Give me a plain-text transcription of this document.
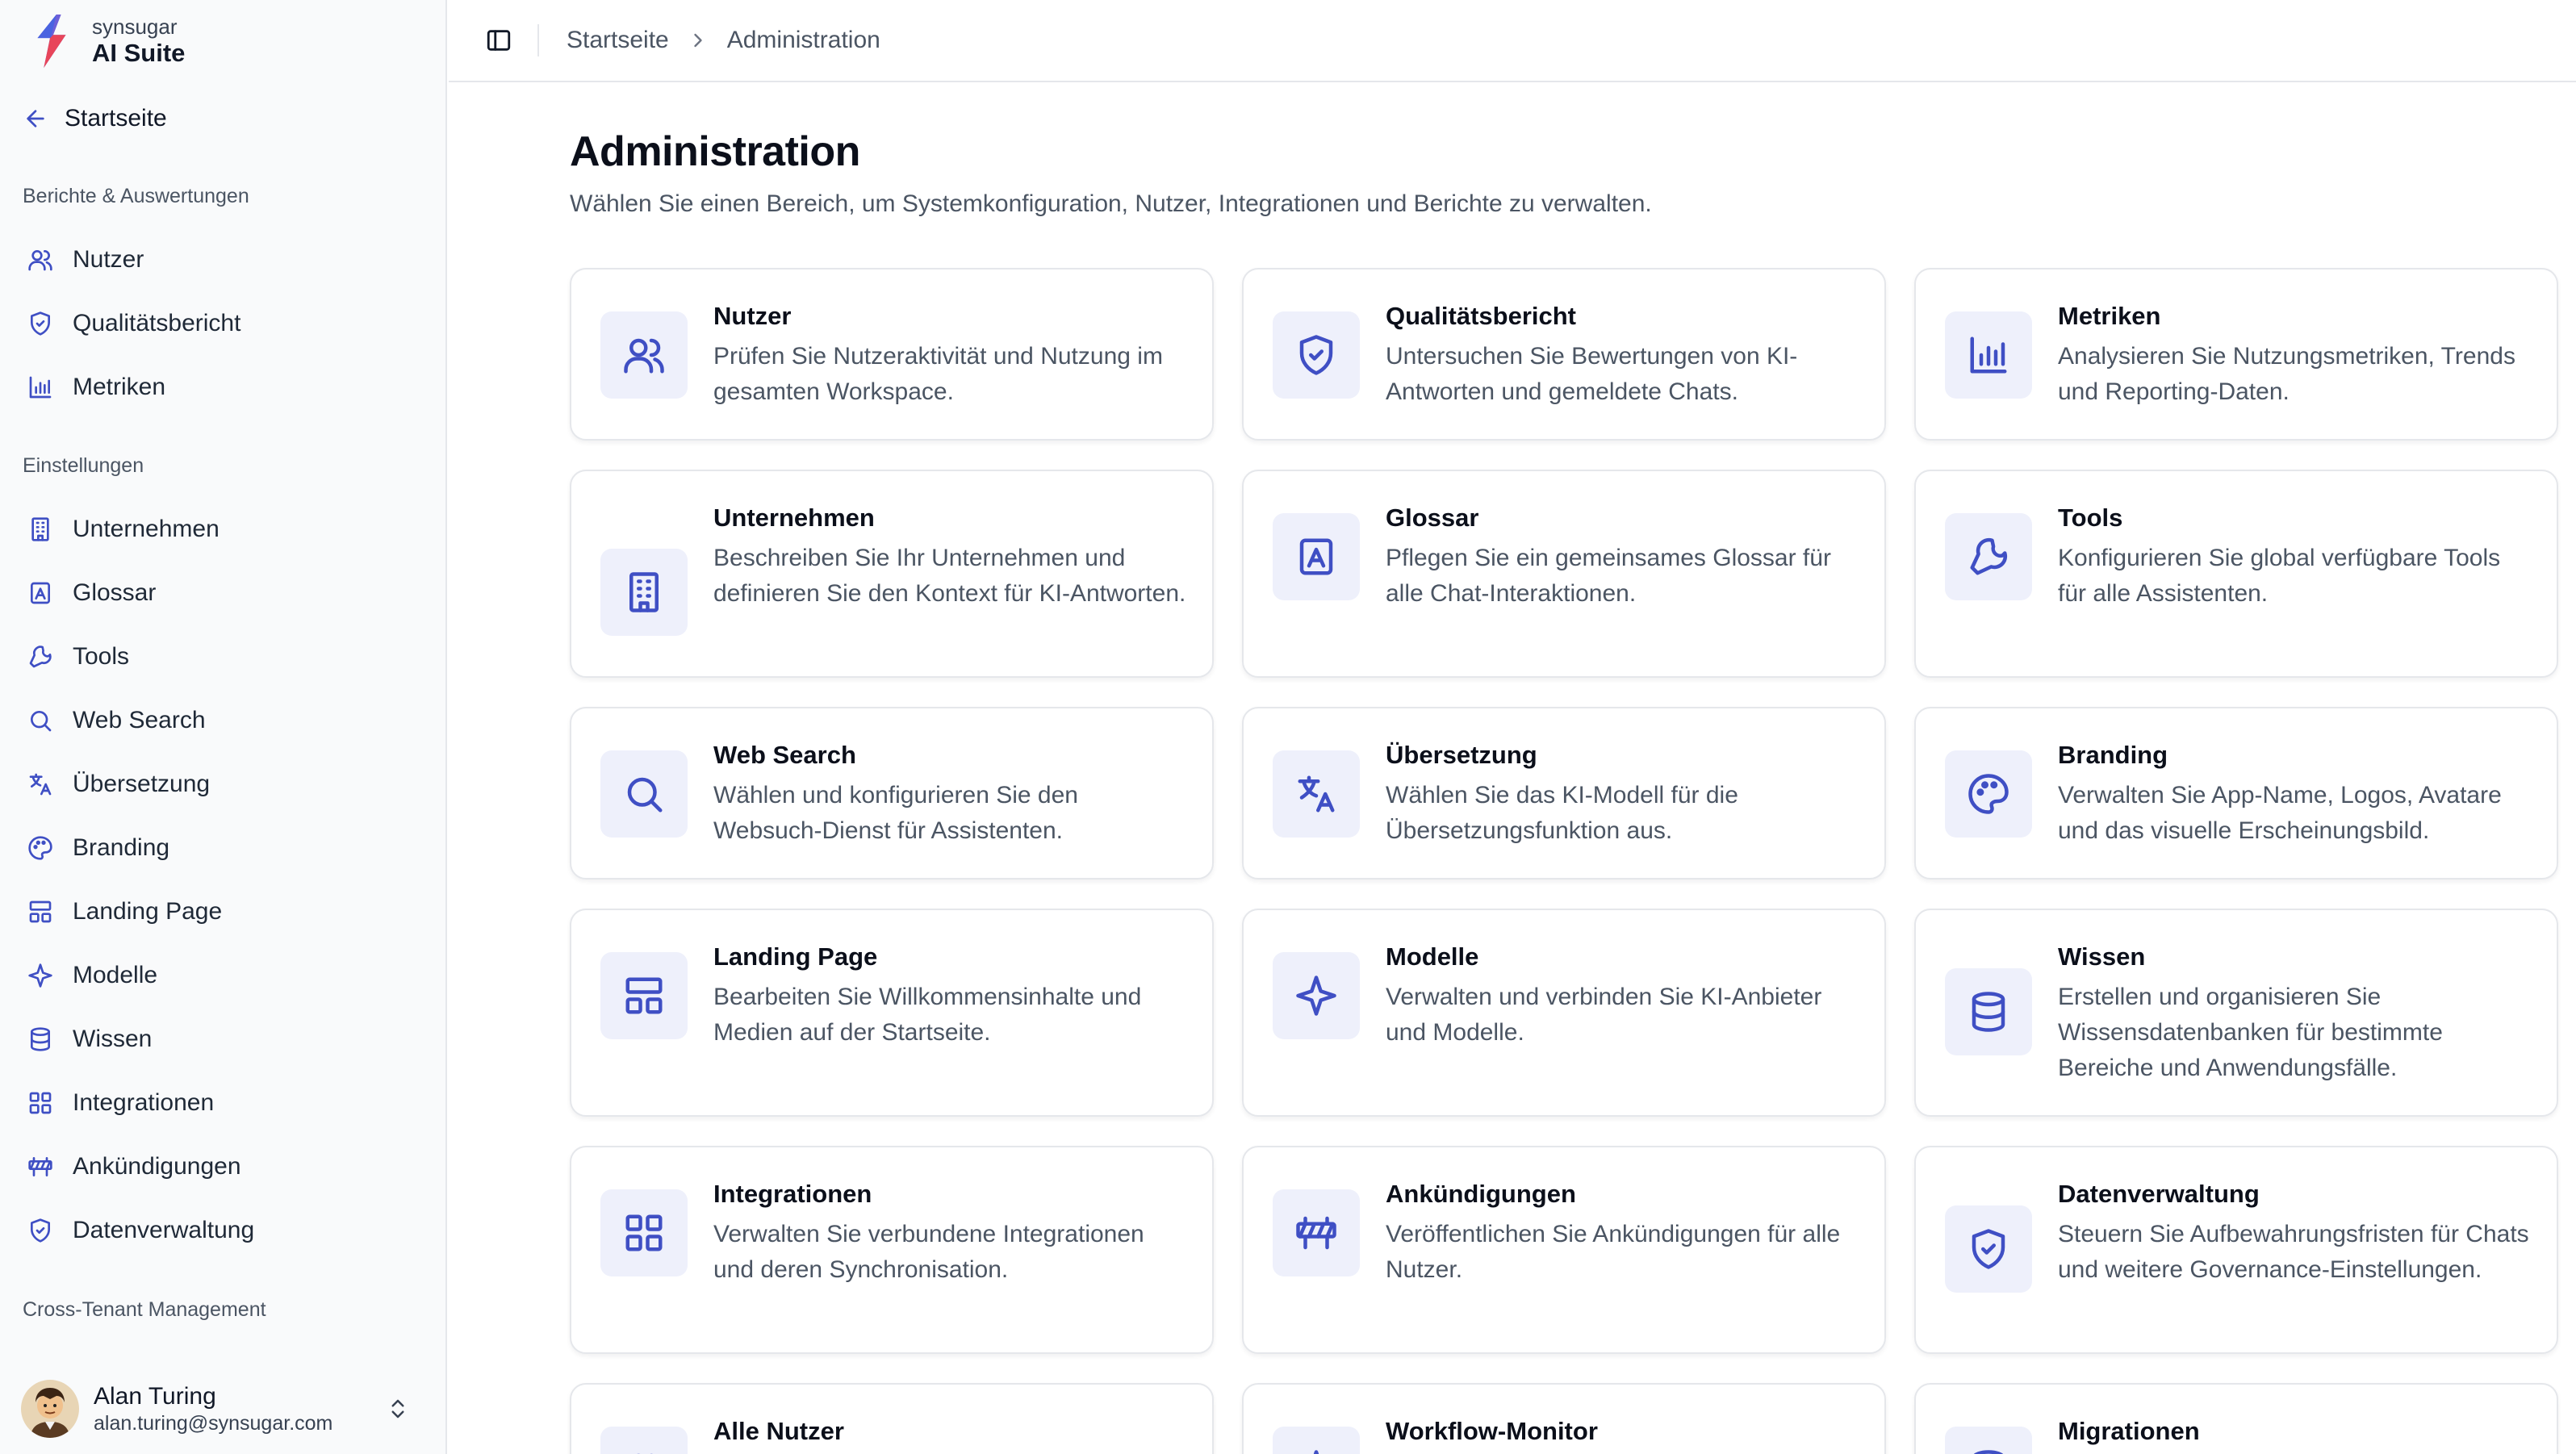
synsugar
AI Suite
Startseite
Berichte & Auswertungen
Nutzer
Qualitätsbericht
Metriken
Einstellungen
Unternehmen
Glossar
Tools
Web Search
Übersetzung
Branding
Landing Page
Modelle
Wissen
Integrationen
Ankündigungen
Datenverwaltung
Cross-Tenant Management
Alan Turing
alan.turing@synsugar.com
Startseite Administration
Administration

Wählen Sie einen Bereich, um Systemkonfiguration, Nutzer, Integrationen und Berichte zu verwalten.

Nutzer
Prüfen Sie Nutzeraktivität und Nutzung im gesamten Workspace.
Qualitätsbericht
Untersuchen Sie Bewertungen von KI-Antworten und gemeldete Chats.
Metriken
Analysieren Sie Nutzungsmetriken, Trends und Reporting-Daten.
Unternehmen
Beschreiben Sie Ihr Unternehmen und definieren Sie den Kontext für KI-Antworten.
Glossar
Pflegen Sie ein gemeinsames Glossar für alle Chat-Interaktionen.
Tools
Konfigurieren Sie global verfügbare Tools für alle Assistenten.
Web Search
Wählen und konfigurieren Sie den Websuch-Dienst für Assistenten.
Übersetzung
Wählen Sie das KI-Modell für die Übersetzungsfunktion aus.
Branding
Verwalten Sie App-Name, Logos, Avatare und das visuelle Erscheinungsbild.
Landing Page
Bearbeiten Sie Willkommensinhalte und Medien auf der Startseite.
Modelle
Verwalten und verbinden Sie KI-Anbieter und Modelle.
Wissen
Erstellen und organisieren Sie Wissensdatenbanken für bestimmte Bereiche und Anwendungsfälle.
Integrationen
Verwalten Sie verbundene Integrationen und deren Synchronisation.
Ankündigungen
Veröffentlichen Sie Ankündigungen für alle Nutzer.
Datenverwaltung
Steuern Sie Aufbewahrungsfristen für Chats und weitere Governance-Einstellungen.
Alle Nutzer	Workflow-Monitor	Migrationen
